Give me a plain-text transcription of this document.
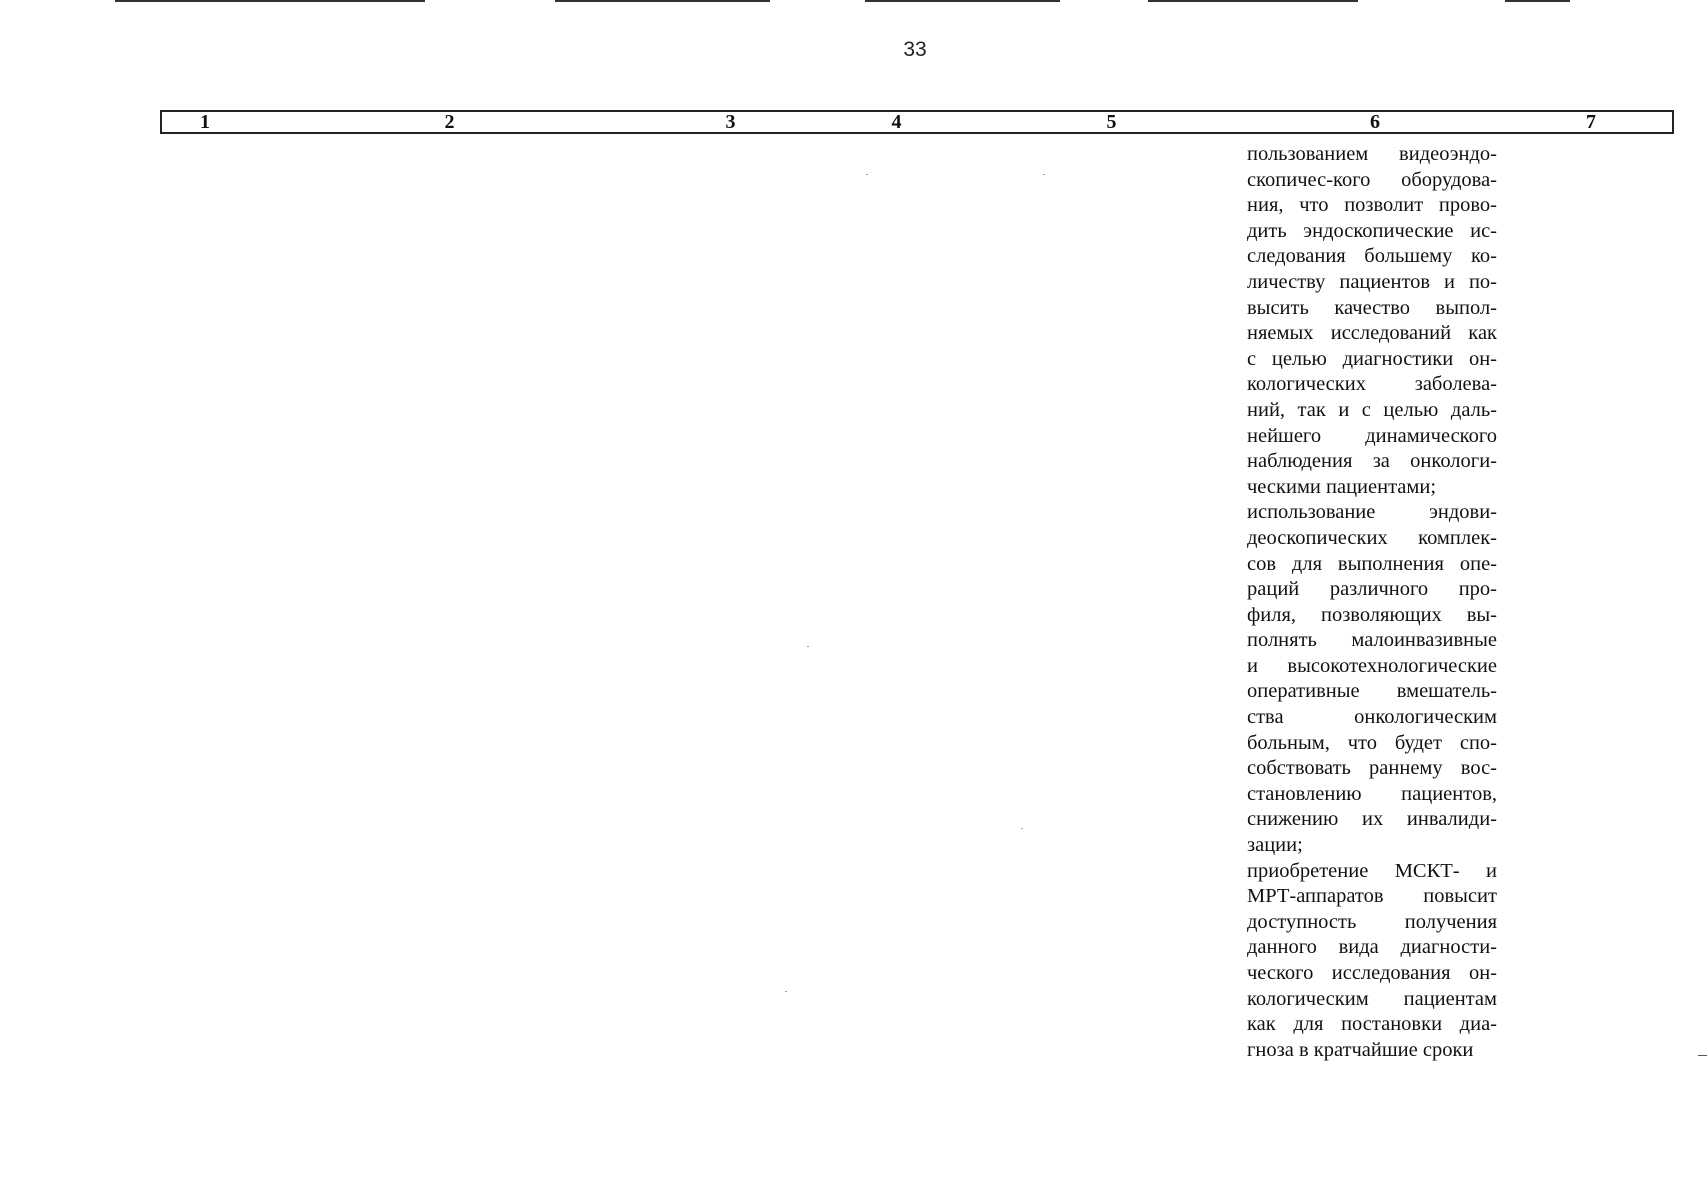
33
1	2	3	4	5	6	7
пользованием видеоэндо-
скопичес-кого оборудова-
ния, что позволит прово-
дить эндоскопические ис-
следования большему ко-
личеству пациентов и по-
высить качество выпол-
няемых исследований как
с целью диагностики он-
кологических заболева-
ний, так и с целью даль-
нейшего динамического
наблюдения за онкологи-
ческими пациентами;
использование эндови-
деоскопических комплек-
сов для выполнения опе-
раций различного про-
филя, позволяющих вы-
полнять малоинвазивные
и высокотехнологические
оперативные вмешатель-
ства онкологическим
больным, что будет спо-
собствовать раннему вос-
становлению пациентов,
снижению их инвалиди-
зации;
приобретение МСКТ- и
МРТ-аппаратов повысит
доступность получения
данного вида диагности-
ческого исследования он-
кологическим пациентам
как для постановки диа-
гноза в кратчайшие сроки
